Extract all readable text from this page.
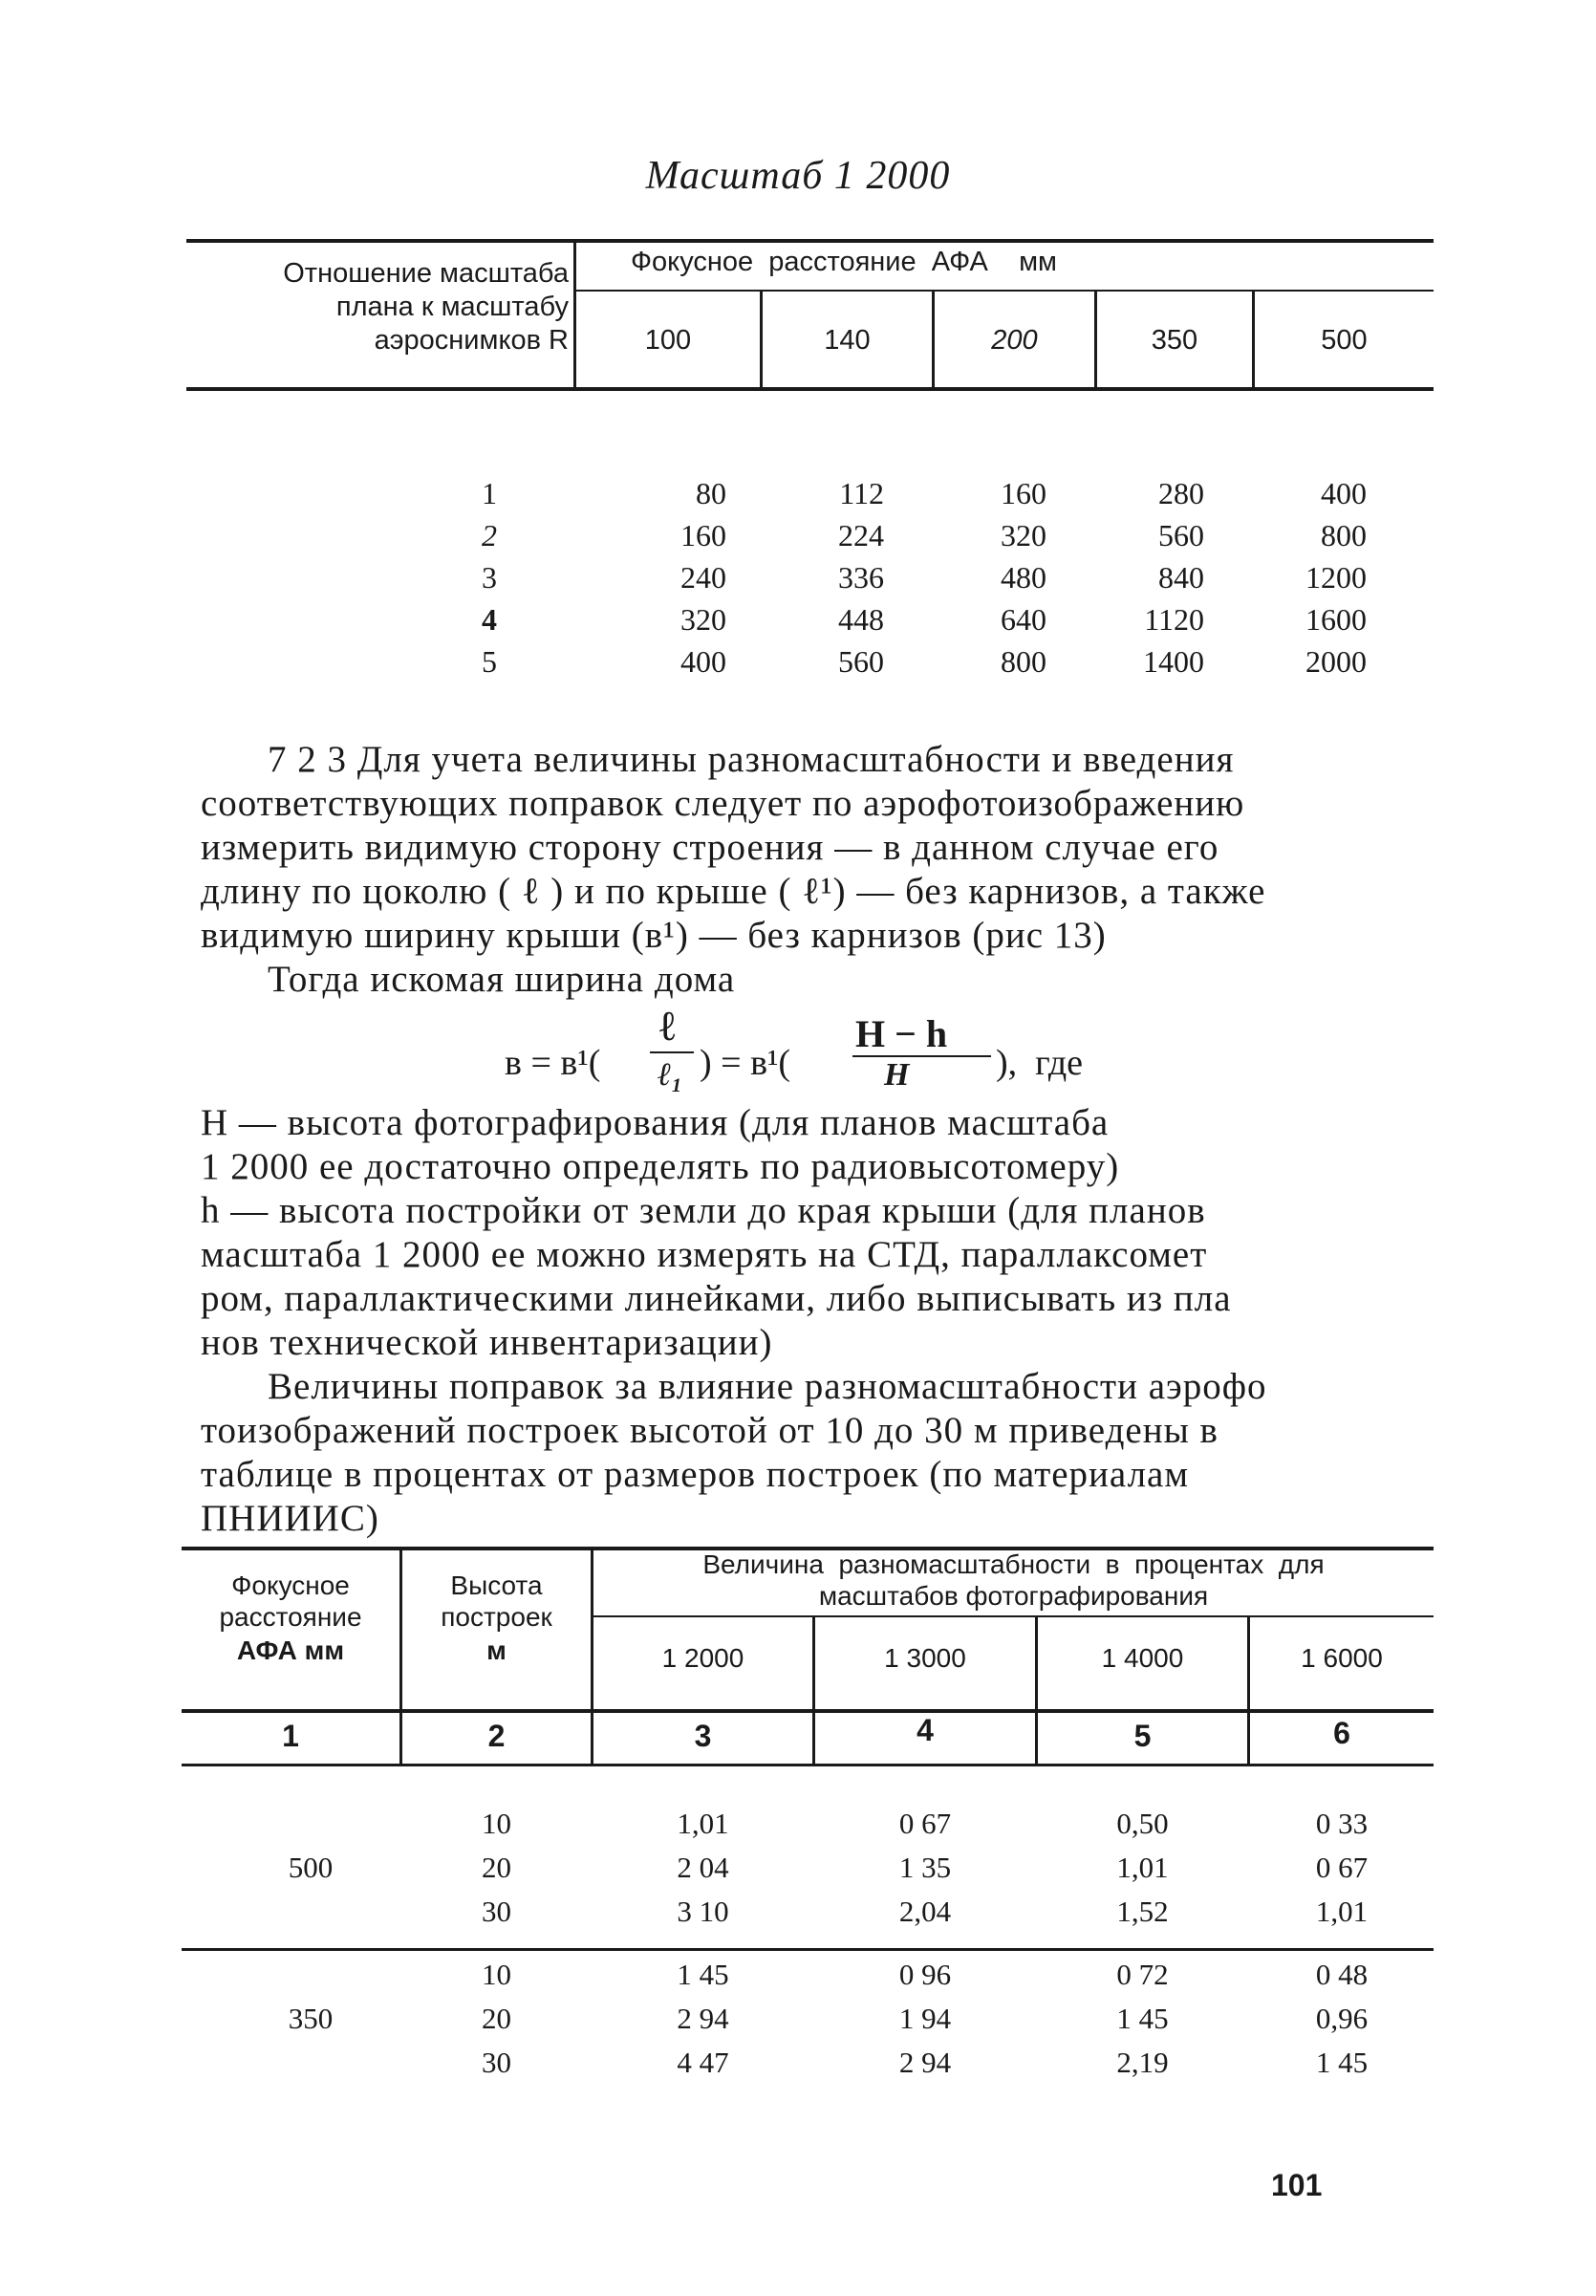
Масштаб 1 2000
Отношение масштаба
плана к масштабу
аэроснимков R
Фокусное  расстояние  АФА    мм
100	140	200	350	500
1	80	112	160	280	400
2	160	224	320	560	800
3	240	336	480	840	1200
4	320	448	640	1120	1600
5	400	560	800	1400	2000
7 2 3 Для учета величины разномасштабности и введения
соответствующих поправок следует по аэрофотоизображению
измерить видимую сторону строения — в данном случае его
длину по цоколю ( ℓ ) и по крыше ( ℓ¹) — без карнизов, а также
видимую ширину крыши (в¹) — без карнизов (рис 13)
Тогда искомая ширина дома
в = в¹(
ℓ
ℓ₁ ) = в¹(
H − h
H ),  где
H — высота фотографирования (для планов масштаба
1 2000 ее достаточно определять по радиовысотомеру)
h — высота постройки от земли до края крыши (для планов
масштаба 1 2000 ее можно измерять на СТД, параллаксомет
ром, параллактическими линейками, либо выписывать из пла
нов технической инвентаризации)
Величины поправок за влияние разномасштабности аэрофо
тоизображений построек высотой от 10 до 30 м приведены в
таблице в процентах от размеров построек (по материалам
ПНИИИС)
Фокусное
расстояние
АФА мм
Высота
построек
м
Величина  разномасштабности  в  процентах  для
масштабов фотографирования
1 2000	1 3000	1 4000	1 6000
1	2	3	4	5	6
500
10	1,01	0 67	0,50	0 33
20	2 04	1 35	1,01	0 67
30	3 10	2,04	1,52	1,01
350
10	1 45	0 96	0 72	0 48
20	2 94	1 94	1 45	0,96
30	4 47	2 94	2,19	1 45
101
